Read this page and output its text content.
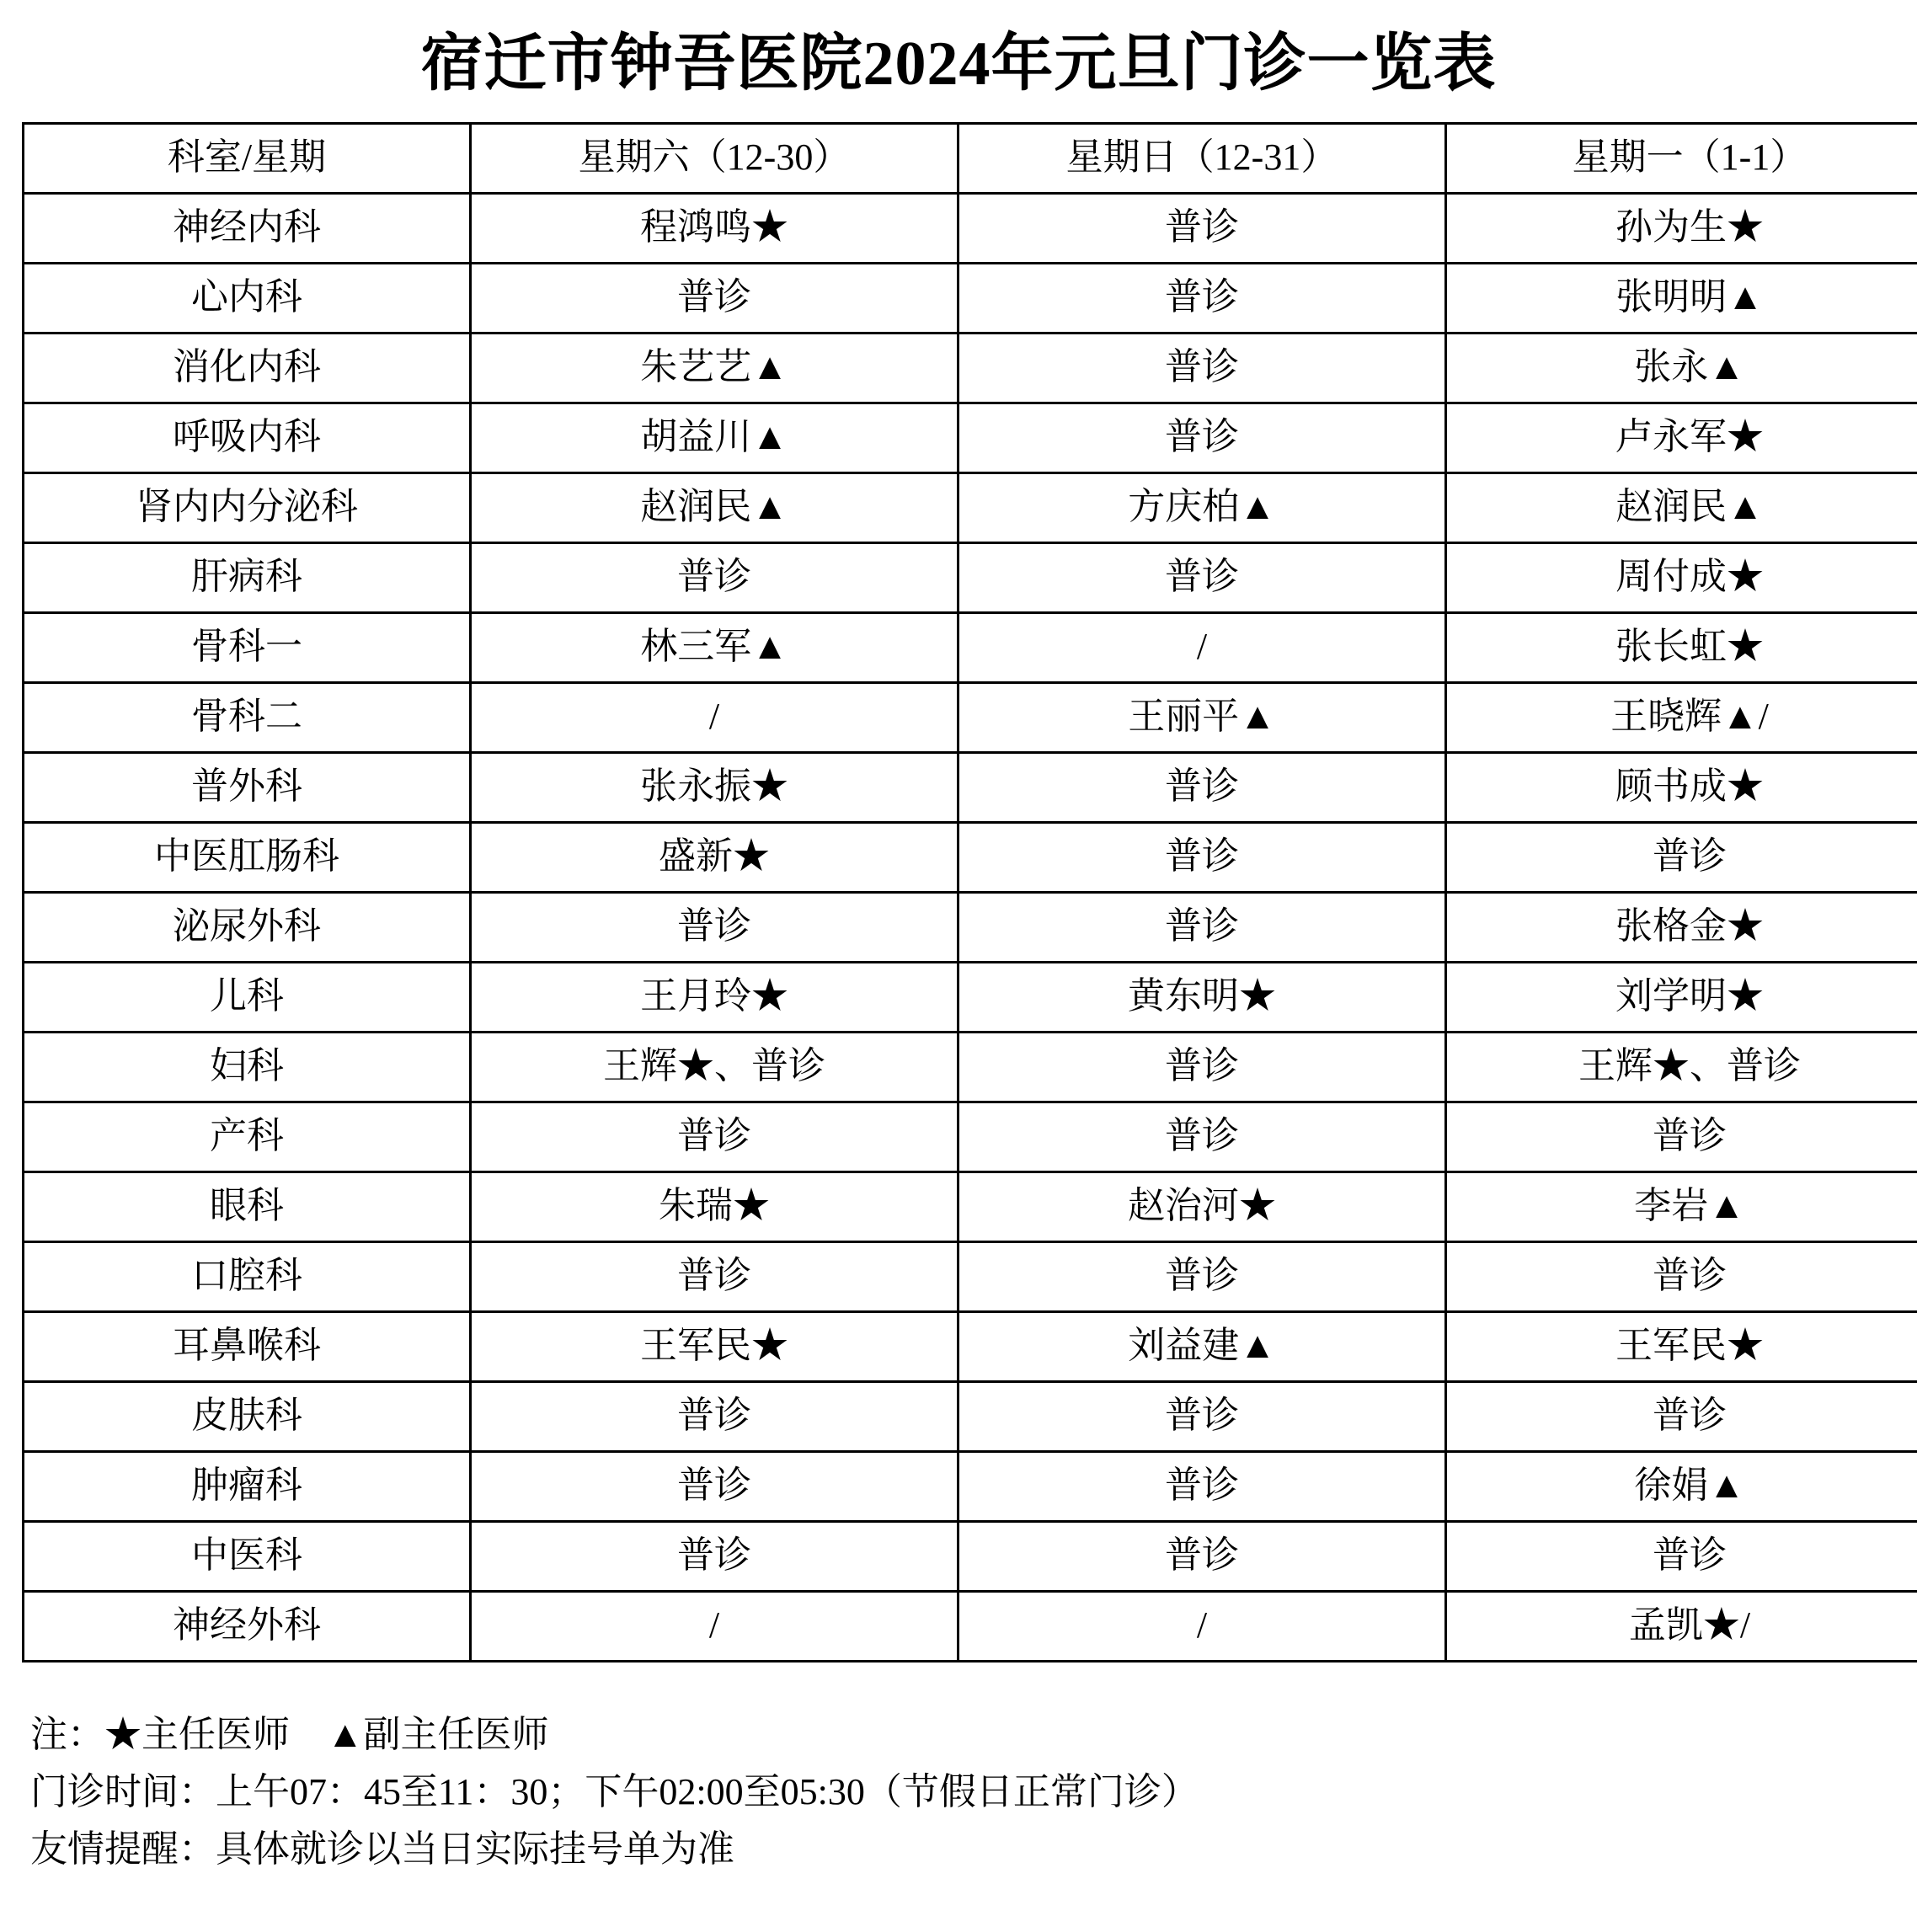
宿迁市钟吾医院2024年元旦门诊一览表
科室/星期	星期六（12-30）	星期日（12-31）	星期一（1-1）
神经内科	程鸿鸣★	普诊	孙为生★
心内科	普诊	普诊	张明明▲
消化内科	朱艺艺▲	普诊	张永▲
呼吸内科	胡益川▲	普诊	卢永军★
肾内内分泌科	赵润民▲	方庆柏▲	赵润民▲
肝病科	普诊	普诊	周付成★
骨科一	林三军▲	/	张长虹★
骨科二	/	王丽平▲	王晓辉▲/
普外科	张永振★	普诊	顾书成★
中医肛肠科	盛新★	普诊	普诊
泌尿外科	普诊	普诊	张格金★
儿科	王月玲★	黄东明★	刘学明★
妇科	王辉★、普诊	普诊	王辉★、普诊
产科	普诊	普诊	普诊
眼科	朱瑞★	赵治河★	李岩▲
口腔科	普诊	普诊	普诊
耳鼻喉科	王军民★	刘益建▲	王军民★
皮肤科	普诊	普诊	普诊
肿瘤科	普诊	普诊	徐娟▲
中医科	普诊	普诊	普诊
神经外科	/	/	孟凯★/
注：★主任医师　▲副主任医师
门诊时间：上午07：45至11：30；下午02:00至05:30（节假日正常门诊）
友情提醒：具体就诊以当日实际挂号单为准
